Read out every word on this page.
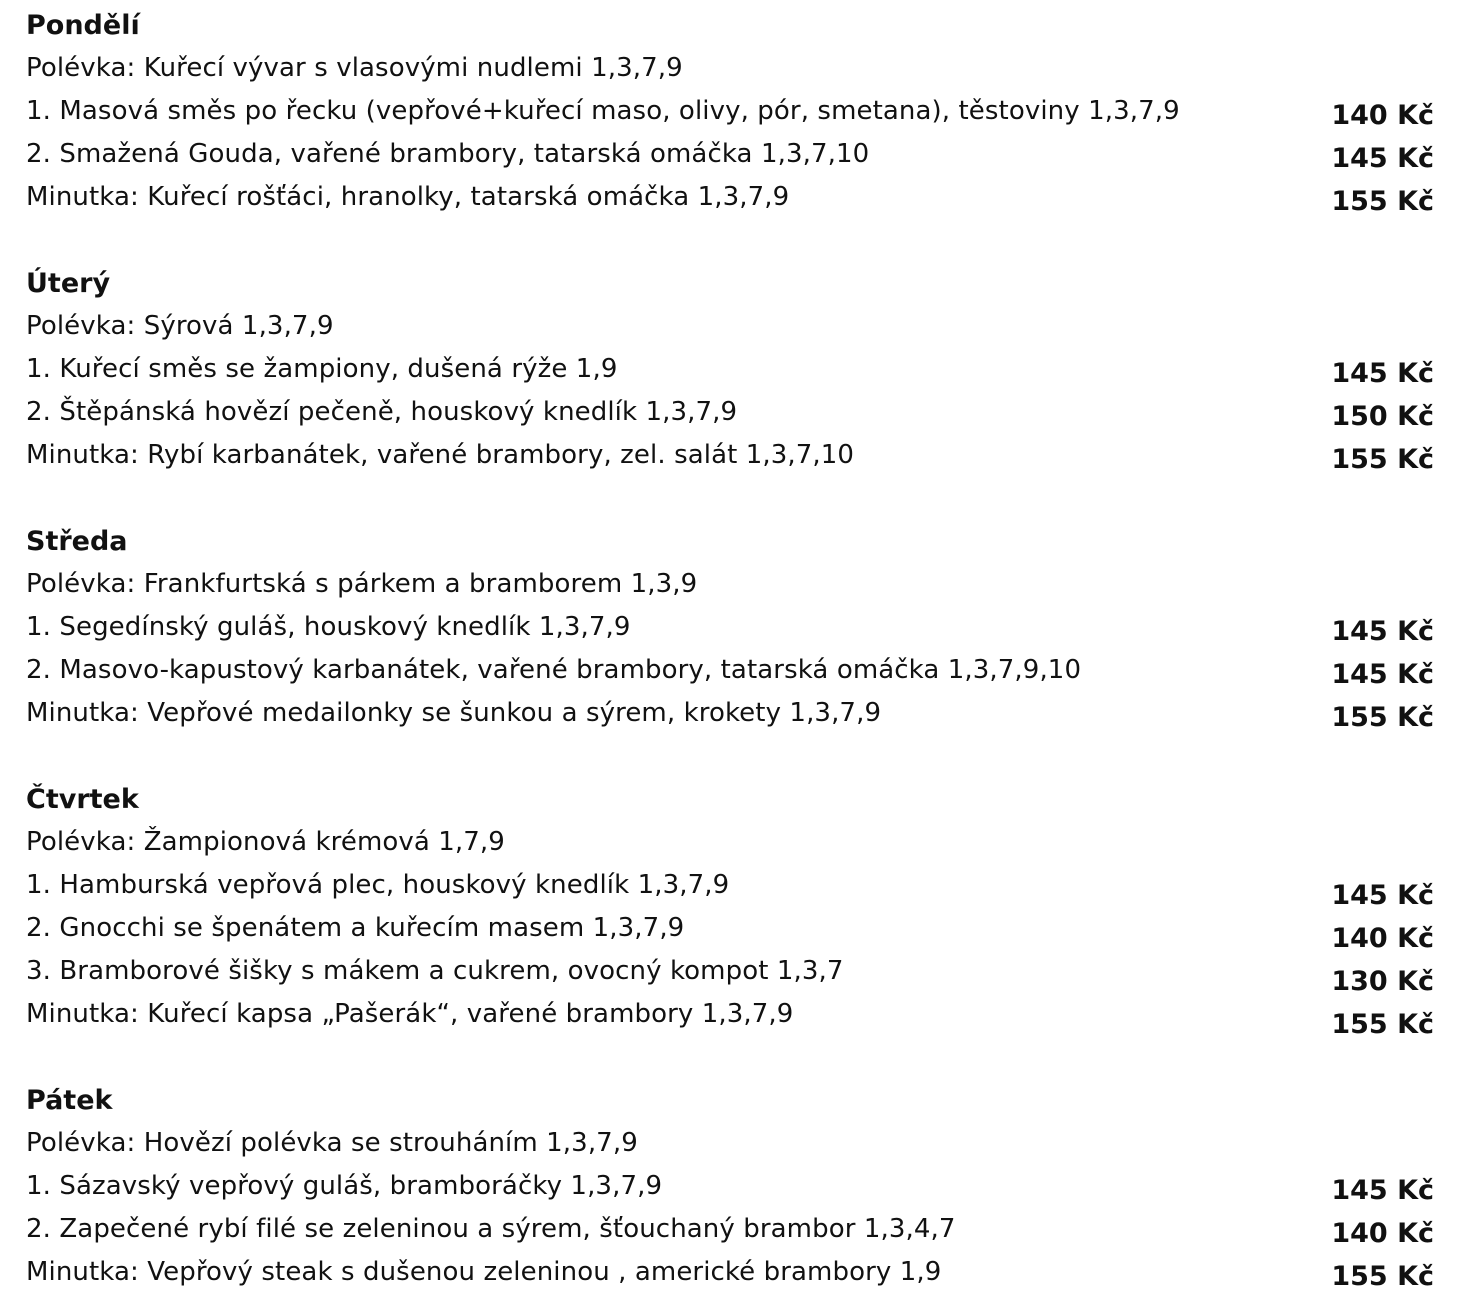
Pondělí
Polévka: Kuřecí vývar s vlasovými nudlemi 1,3,7,9
1. Masová směs po řecku (vepřové+kuřecí maso, olivy, pór, smetana), těstoviny 1,3,7,9	140 Kč
2. Smažená Gouda, vařené brambory, tatarská omáčka 1,3,7,10	145 Kč
Minutka: Kuřecí rošťáci, hranolky, tatarská omáčka 1,3,7,9	155 Kč
Úterý
Polévka: Sýrová 1,3,7,9
1. Kuřecí směs se žampiony, dušená rýže 1,9	145 Kč
2. Štěpánská hovězí pečeně, houskový knedlík 1,3,7,9	150 Kč
Minutka: Rybí karbanátek, vařené brambory, zel. salát 1,3,7,10	155 Kč
Středa
Polévka: Frankfurtská s párkem a bramborem 1,3,9
1. Segedínský guláš, houskový knedlík 1,3,7,9	145 Kč
2. Masovo-kapustový karbanátek, vařené brambory, tatarská omáčka 1,3,7,9,10	145 Kč
Minutka: Vepřové medailonky se šunkou a sýrem, krokety 1,3,7,9	155 Kč
Čtvrtek
Polévka: Žampionová krémová 1,7,9
1. Hamburská vepřová plec, houskový knedlík 1,3,7,9	145 Kč
2. Gnocchi se špenátem a kuřecím masem 1,3,7,9	140 Kč
3. Bramborové šišky s mákem a cukrem, ovocný kompot 1,3,7	130 Kč
Minutka: Kuřecí kapsa „Pašerák“, vařené brambory 1,3,7,9	155 Kč
Pátek
Polévka: Hovězí polévka se strouháním 1,3,7,9
1. Sázavský vepřový guláš, bramboráčky 1,3,7,9	145 Kč
2. Zapečené rybí filé se zeleninou a sýrem, šťouchaný brambor 1,3,4,7	140 Kč
Minutka: Vepřový steak s dušenou zeleninou , americké brambory 1,9	155 Kč
